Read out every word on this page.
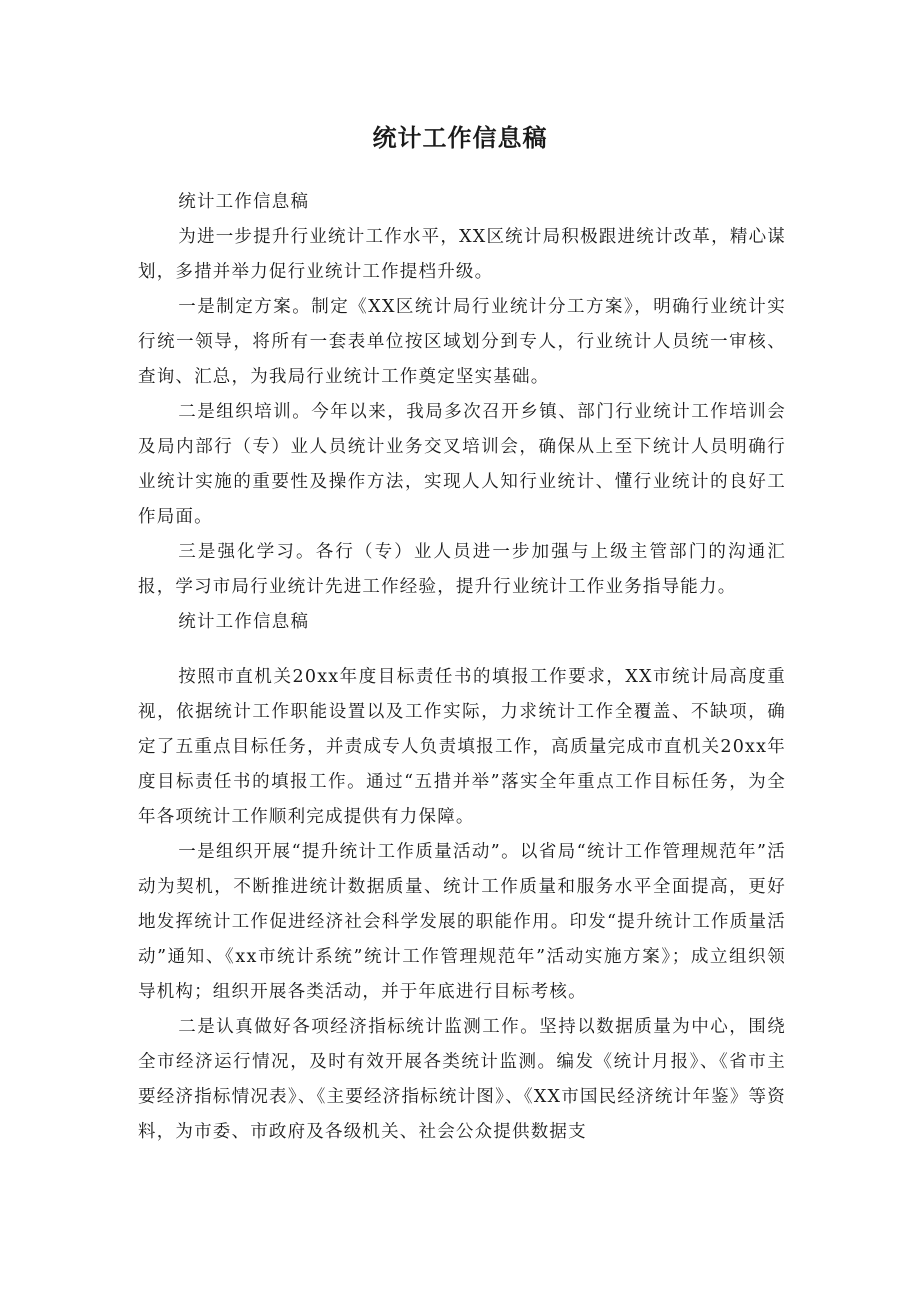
统计工作信息稿

统计工作信息稿

为进一步提升行业统计工作水平，XX区统计局积极跟进统计改革，精心谋划，多措并举力促行业统计工作提档升级。

一是制定方案。制定《XX区统计局行业统计分工方案》，明确行业统计实行统一领导，将所有一套表单位按区域划分到专人，行业统计人员统一审核、查询、汇总，为我局行业统计工作奠定坚实基础。

二是组织培训。今年以来，我局多次召开乡镇、部门行业统计工作培训会及局内部行（专）业人员统计业务交叉培训会，确保从上至下统计人员明确行业统计实施的重要性及操作方法，实现人人知行业统计、懂行业统计的良好工作局面。

三是强化学习。各行（专）业人员进一步加强与上级主管部门的沟通汇报，学习市局行业统计先进工作经验，提升行业统计工作业务指导能力。

统计工作信息稿

按照市直机关20xx年度目标责任书的填报工作要求，XX市统计局高度重视，依据统计工作职能设置以及工作实际，力求统计工作全覆盖、不缺项，确定了五重点目标任务，并责成专人负责填报工作，高质量完成市直机关20xx年度目标责任书的填报工作。通过“五措并举”落实全年重点工作目标任务，为全年各项统计工作顺利完成提供有力保障。

一是组织开展“提升统计工作质量活动”。以省局“统计工作管理规范年”活动为契机，不断推进统计数据质量、统计工作质量和服务水平全面提高，更好地发挥统计工作促进经济社会科学发展的职能作用。印发“提升统计工作质量活动”通知、《xx市统计系统”统计工作管理规范年”活动实施方案》；成立组织领导机构；组织开展各类活动，并于年底进行目标考核。

二是认真做好各项经济指标统计监测工作。坚持以数据质量为中心，围绕全市经济运行情况，及时有效开展各类统计监测。编发《统计月报》、《省市主要经济指标情况表》、《主要经济指标统计图》、《XX市国民经济统计年鉴》等资料，为市委、市政府及各级机关、社会公众提供数据支
